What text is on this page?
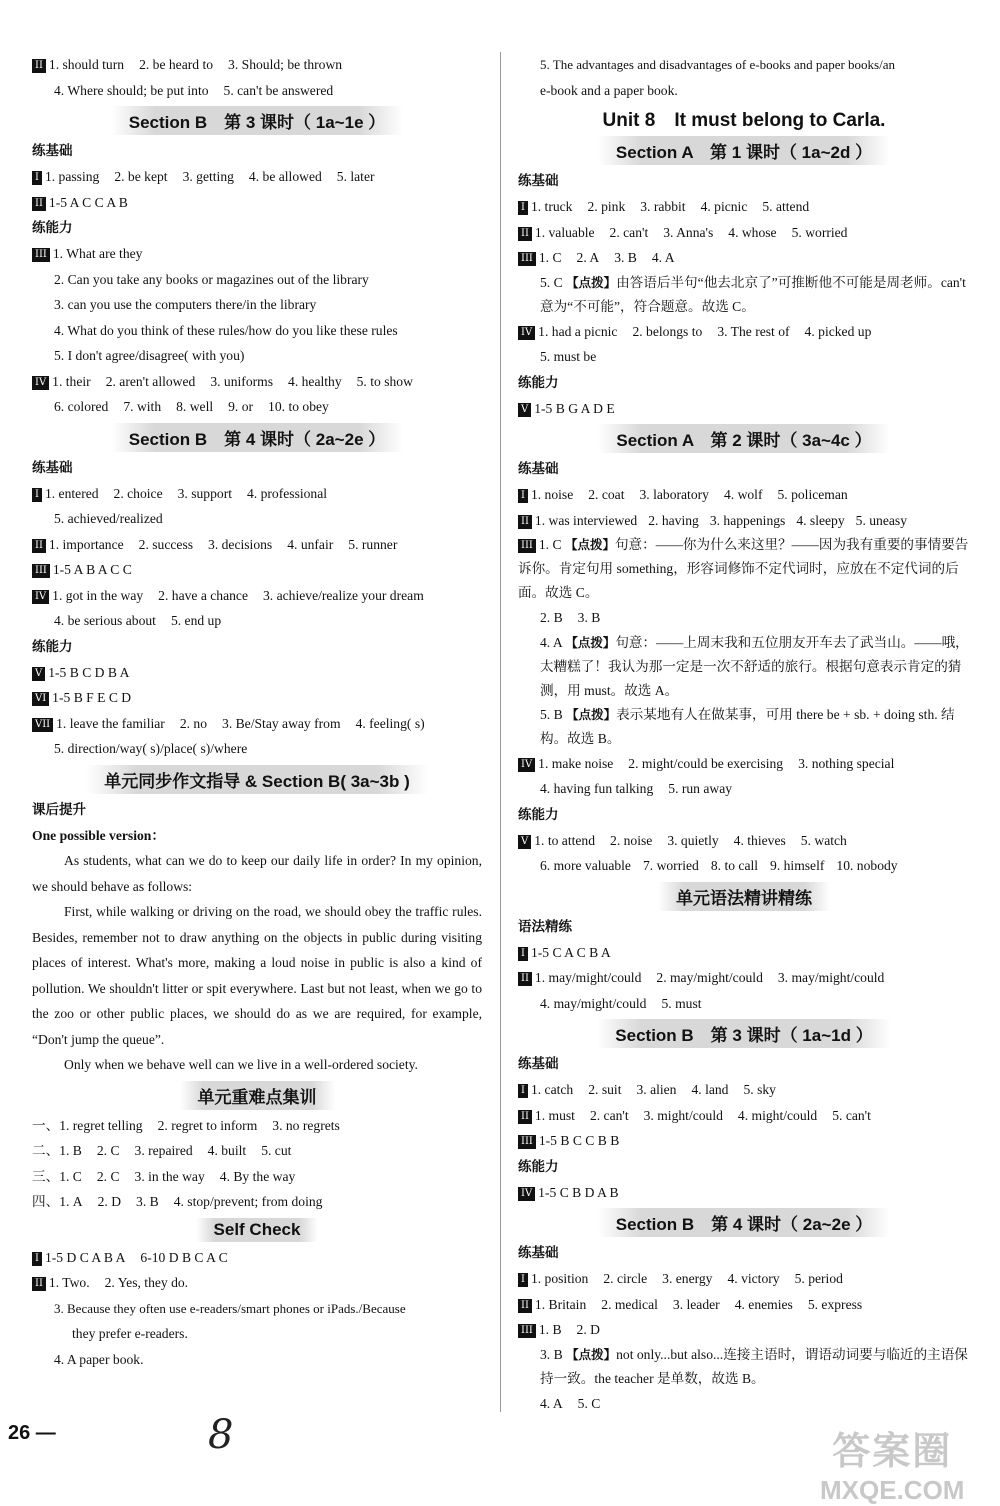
II 1. should turn 2. be heard to 3. Should; be thrown
4. Where should; be put into 5. can't be answered
Section B　第 3 课时（ 1a~1e ）
练基础
I 1. passing 2. be kept 3. getting 4. be allowed 5. later
II 1-5 A C C A B
练能力
III 1. What are they
2. Can you take any books or magazines out of the library
3. can you use the computers there/in the library
4. What do you think of these rules/how do you like these rules
5. I don't agree/disagree( with you)
IV 1. their 2. aren't allowed 3. uniforms 4. healthy 5. to show
6. colored 7. with 8. well 9. or 10. to obey
Section B　第 4 课时（ 2a~2e ）
练基础
I 1. entered 2. choice 3. support 4. professional
5. achieved/realized
II 1. importance 2. success 3. decisions 4. unfair 5. runner
III 1-5 A B A C C
IV 1. got in the way 2. have a chance 3. achieve/realize your dream
4. be serious about 5. end up
练能力
V 1-5 B C D B A
VI 1-5 B F E C D
VII 1. leave the familiar 2. no 3. Be/Stay away from 4. feeling( s)
5. direction/way( s)/place( s)/where
单元同步作文指导 & Section B( 3a~3b )
课后提升
One possible version：
As students, what can we do to keep our daily life in order? In my opinion, we should behave as follows:
First, while walking or driving on the road, we should obey the traffic rules. Besides, remember not to draw anything on the objects in public during visiting places of interest. What's more, making a loud noise in public is also a kind of pollution. We shouldn't litter or spit everywhere. Last but not least, when we go to the zoo or other public places, we should do as we are required, for example, “Don't jump the queue”.
Only when we behave well can we live in a well-ordered society.
单元重难点集训
一、1. regret telling 2. regret to inform 3. no regrets
二、1. B 2. C 3. repaired 4. built 5. cut
三、1. C 2. C 3. in the way 4. By the way
四、1. A 2. D 3. B 4. stop/prevent; from doing
Self Check
I 1-5 D C A B A 6-10 D B C A C
II 1. Two. 2. Yes, they do.
3. Because they often use e-readers/smart phones or iPads./Because
they prefer e-readers.
4. A paper book.
5. The advantages and disadvantages of e-books and paper books/an
e-book and a paper book.
Unit 8　It must belong to Carla.
Section A　第 1 课时（ 1a~2d ）
练基础
I 1. truck 2. pink 3. rabbit 4. picnic 5. attend
II 1. valuable 2. can't 3. Anna's 4. whose 5. worried
III 1. C 2. A 3. B 4. A
5. C 【点拨】由答语后半句“他去北京了”可推断他不可能是周老师。can't 意为“不可能”，符合题意。故选 C。
IV 1. had a picnic 2. belongs to 3. The rest of 4. picked up
5. must be
练能力
V 1-5 B G A D E
Section A　第 2 课时（ 3a~4c ）
练基础
I 1. noise 2. coat 3. laboratory 4. wolf 5. policeman
II 1. was interviewed 2. having 3. happenings 4. sleepy 5. uneasy
III 1. C 【点拨】句意：——你为什么来这里？——因为我有重要的事情要告诉你。肯定句用 something，形容词修饰不定代词时，应放在不定代词的后面。故选 C。
2. B 3. B
4. A 【点拨】句意：——上周末我和五位朋友开车去了武当山。——哦，太糟糕了！我认为那一定是一次不舒适的旅行。根据句意表示肯定的猜测，用 must。故选 A。
5. B 【点拨】表示某地有人在做某事，可用 there be + sb. + doing sth. 结构。故选 B。
IV 1. make noise 2. might/could be exercising 3. nothing special
4. having fun talking 5. run away
练能力
V 1. to attend 2. noise 3. quietly 4. thieves 5. watch
6. more valuable 7. worried 8. to call 9. himself 10. nobody
单元语法精讲精练
语法精练
I 1-5 C A C B A
II 1. may/might/could 2. may/might/could 3. may/might/could
4. may/might/could 5. must
Section B　第 3 课时（ 1a~1d ）
练基础
I 1. catch 2. suit 3. alien 4. land 5. sky
II 1. must 2. can't 3. might/could 4. might/could 5. can't
III 1-5 B C C B B
练能力
IV 1-5 C B D A B
Section B　第 4 课时（ 2a~2e ）
练基础
I 1. position 2. circle 3. energy 4. victory 5. period
II 1. Britain 2. medical 3. leader 4. enemies 5. express
III 1. B 2. D
3. B 【点拨】not only...but also...连接主语时，谓语动词要与临近的主语保持一致。the teacher 是单数，故选 B。
4. A 5. C
26 —	8	答案圈
MXQE.COM
